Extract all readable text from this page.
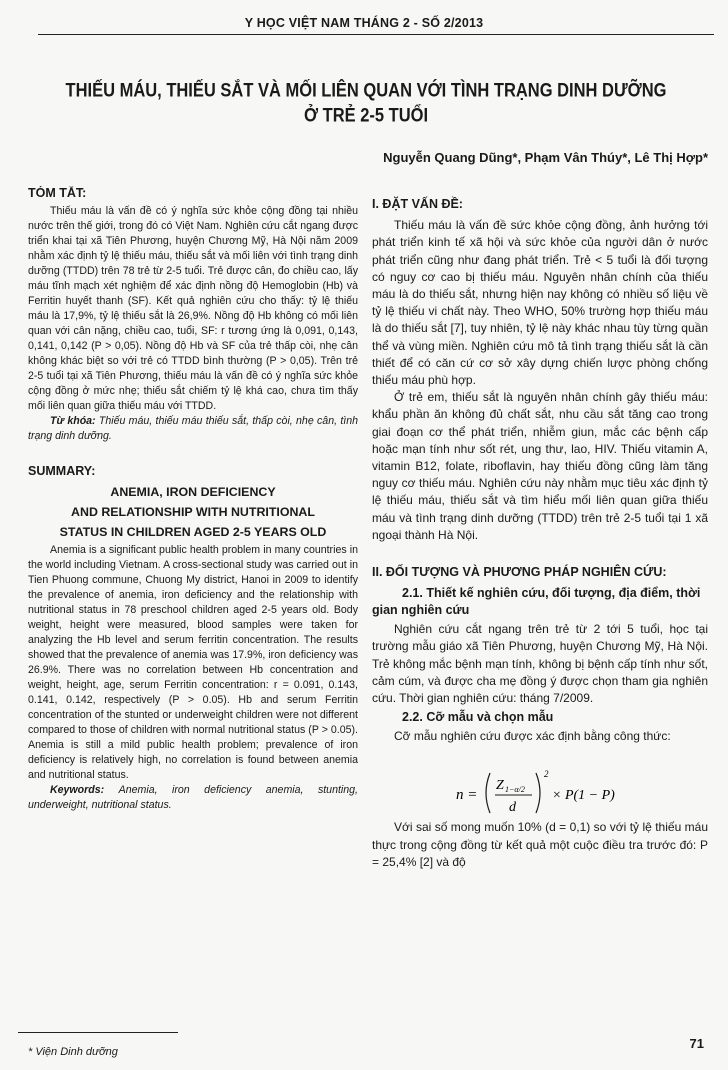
Y HỌC VIỆT NAM THÁNG 2 - SỐ 2/2013
THIẾU MÁU, THIẾU SẮT VÀ MỐI LIÊN QUAN VỚI TÌNH TRẠNG DINH DƯỠNG
Ở TRẺ 2-5 TUỔI
Nguyễn Quang Dũng*, Phạm Vân Thúy*, Lê Thị Hợp*
TÓM TẮT:

Thiếu máu là vấn đề có ý nghĩa sức khỏe cộng đồng tại nhiều nước trên thế giới, trong đó có Việt Nam. Nghiên cứu cắt ngang được triển khai tại xã Tiên Phương, huyện Chương Mỹ, Hà Nội năm 2009 nhằm xác định tỷ lệ thiếu máu, thiếu sắt và mối liên với tình trạng dinh dưỡng (TTDD) trên 78 trẻ từ 2-5 tuổi. Trẻ được cân, đo chiều cao, lấy máu tĩnh mạch xét nghiệm để xác định nồng độ Hemoglobin (Hb) và Ferritin huyết thanh (SF). Kết quả nghiên cứu cho thấy: tỷ lệ thiếu máu là 17,9%, tỷ lệ thiếu sắt là 26,9%. Nồng độ Hb không có mối liên quan với cân nặng, chiều cao, tuổi, SF: r tương ứng là 0,091, 0,143, 0,141, 0,142 (P > 0,05). Nồng độ Hb và SF của trẻ thấp còi, nhẹ cân không khác biệt so với trẻ có TTDD bình thường (P > 0,05). Trên trẻ 2-5 tuổi tại xã Tiên Phương, thiếu máu là vấn đề có ý nghĩa sức khỏe cộng đồng ở mức nhẹ; thiếu sắt chiếm tỷ lệ khá cao, chưa tìm thấy mối liên quan giữa thiếu máu với TTDD.

Từ khóa: Thiếu máu, thiếu máu thiếu sắt, thấp còi, nhẹ cân, tình trạng dinh dưỡng.

SUMMARY:
ANEMIA, IRON DEFICIENCY
AND RELATIONSHIP WITH NUTRITIONAL
STATUS IN CHILDREN AGED 2-5 YEARS OLD

Anemia is a significant public health problem in many countries in the world including Vietnam. A cross-sectional study was carried out in Tien Phuong commune, Chuong My district, Hanoi in 2009 to identify the prevalence of anemia, iron deficiency and the relationship with nutritional status in 78 preschool children aged 2-5 years old. Body weight, height were measured, blood samples were taken for analyzing the Hb level and serum ferritin concentration. The results showed that the prevalence of anemia was 17.9%, iron deficiency was 26.9%. There was no correlation between Hb concentration and weight, height, age, serum Ferritin concentration: r = 0.091, 0.143, 0.141, 0.142, respectively (P > 0.05). Hb and serum Ferritin concentration of the stunted or underweight children were not different compared to those of children with normal nutritional status (P > 0.05). Anemia is still a mild public health problem; prevalence of iron deficiency is relatively high, no correlation is found between anemia and nutritional status.

Keywords: Anemia, iron deficiency anemia, stunting, underweight, nutritional status.

I. ĐẶT VẤN ĐỀ:

Thiếu máu là vấn đề sức khỏe cộng đồng, ảnh hưởng tới phát triển kinh tế xã hội và sức khỏe của người dân ở nước phát triển cũng như đang phát triển. Trẻ < 5 tuổi là đối tượng có nguy cơ cao bị thiếu máu. Nguyên nhân chính của thiếu máu là do thiếu sắt, nhưng hiện nay không có nhiều số liệu về tỷ lệ thiếu vi chất này. Theo WHO, 50% trường hợp thiếu máu là do thiếu sắt [7], tuy nhiên, tỷ lệ này khác nhau tùy từng quần thể và vùng miền. Nghiên cứu mô tả tình trạng thiếu sắt là cần thiết để có căn cứ cơ sở xây dựng chiến lược phòng chống thiếu máu phù hợp.

Ở trẻ em, thiếu sắt là nguyên nhân chính gây thiếu máu: khẩu phần ăn không đủ chất sắt, nhu cầu sắt tăng cao trong giai đoạn cơ thể phát triển, nhiễm giun, mắc các bệnh cấp hoặc mạn tính như sốt rét, ung thư, lao, HIV. Thiếu vitamin A, vitamin B12, folate, riboflavin, hay thiếu đồng cũng làm tăng nguy cơ thiếu máu. Nghiên cứu này nhằm mục tiêu xác định tỷ lệ thiếu máu, thiếu sắt và tìm hiểu mối liên quan giữa thiếu máu và tình trạng dinh dưỡng (TTDD) trên trẻ 2-5 tuổi tại 1 xã ngoại thành Hà Nội.

II. ĐỐI TƯỢNG VÀ PHƯƠNG PHÁP NGHIÊN CỨU:
2.1. Thiết kế nghiên cứu, đối tượng, địa điểm, thời gian nghiên cứu

Nghiên cứu cắt ngang trên trẻ từ 2 tới 5 tuổi, học tại trường mẫu giáo xã Tiên Phương, huyện Chương Mỹ, Hà Nội. Trẻ không mắc bệnh mạn tính, không bị bệnh cấp tính như sốt, cảm cúm, và được cha mẹ đồng ý được chọn tham gia nghiên cứu. Thời gian nghiên cứu: tháng 7/2009.

2.2. Cỡ mẫu và chọn mẫu

Cỡ mẫu nghiên cứu được xác định bằng công thức:

n =
Z 1−α/2
d
2
× P(1 − P)

Với sai số mong muốn 10% (d = 0,1) so với tỷ lệ thiếu máu thực trong cộng đồng từ kết quả một cuộc điều tra trước đó: P = 25,4% [2] và độ

* Viện Dinh dưỡng
71
